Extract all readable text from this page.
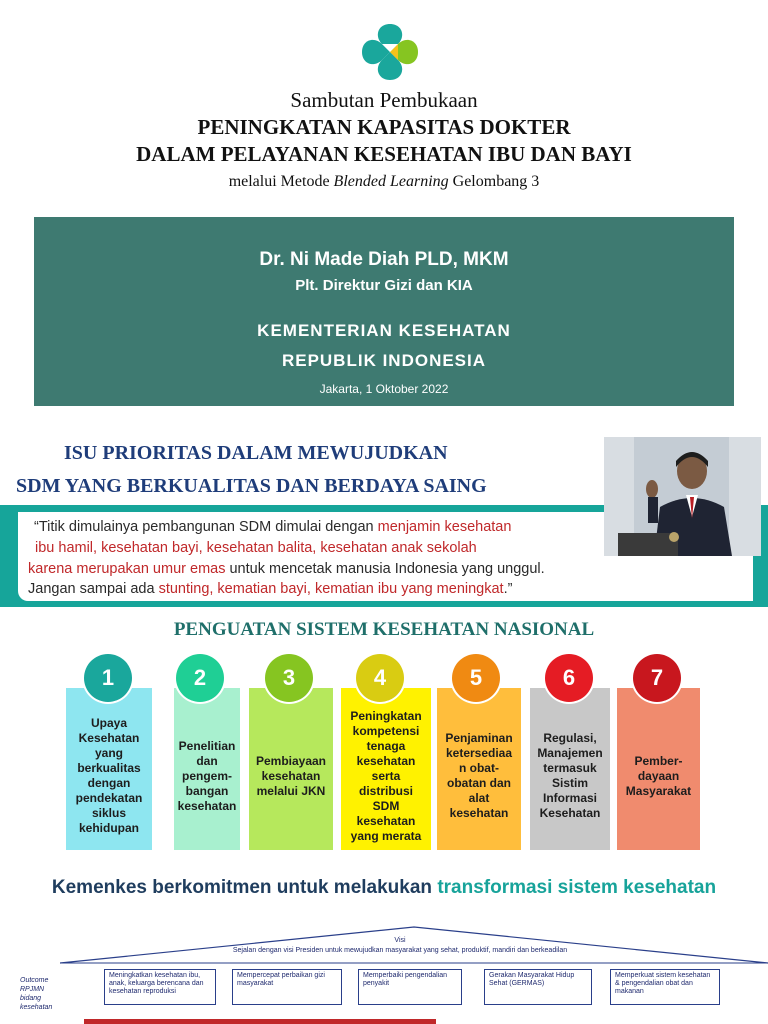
Sambutan Pembukaan
PENINGKATAN KAPASITAS DOKTER
DALAM PELAYANAN KESEHATAN IBU DAN BAYI
melalui Metode Blended Learning Gelombang 3
Dr. Ni Made Diah PLD, MKM
Plt. Direktur Gizi dan KIA
KEMENTERIAN KESEHATAN
REPUBLIK INDONESIA
Jakarta, 1 Oktober 2022
ISU PRIORITAS DALAM MEWUJUDKAN
SDM YANG BERKUALITAS DAN BERDAYA SAING
“Titik dimulainya pembangunan SDM dimulai dengan menjamin kesehatan
ibu hamil, kesehatan bayi, kesehatan balita, kesehatan anak sekolah
karena merupakan umur emas untuk mencetak manusia Indonesia yang unggul.
Jangan sampai ada stunting, kematian bayi, kematian ibu yang meningkat.”
PENGUATAN SISTEM KESEHATAN NASIONAL
Upaya
Kesehatan
yang
berkualitas
dengan
pendekatan
siklus
kehidupan
1
Penelitian
dan
pengem-
bangan
kesehatan
2
Pembiayaan
kesehatan
melalui JKN
3
Peningkatan
kompetensi
tenaga
kesehatan
serta
distribusi
SDM
kesehatan
yang merata
4
Penjaminan
ketersediaa
n obat-
obatan dan
alat
kesehatan
5
Regulasi,
Manajemen
termasuk
Sistim
Informasi
Kesehatan
6
Pember-
dayaan
Masyarakat
7
Kemenkes berkomitmen untuk melakukan transformasi sistem kesehatan
Visi
Sejalan dengan visi Presiden untuk mewujudkan masyarakat yang sehat, produktif, mandiri dan berkeadilan
Outcome
RPJMN
bidang
kesehatan
Meningkatkan kesehatan ibu, anak, keluarga berencana dan kesehatan reproduksi
Mempercepat perbaikan gizi masyarakat
Memperbaiki pengendalian penyakit
Gerakan Masyarakat Hidup Sehat (GERMAS)
Memperkuat sistem kesehatan & pengendalian obat dan makanan
